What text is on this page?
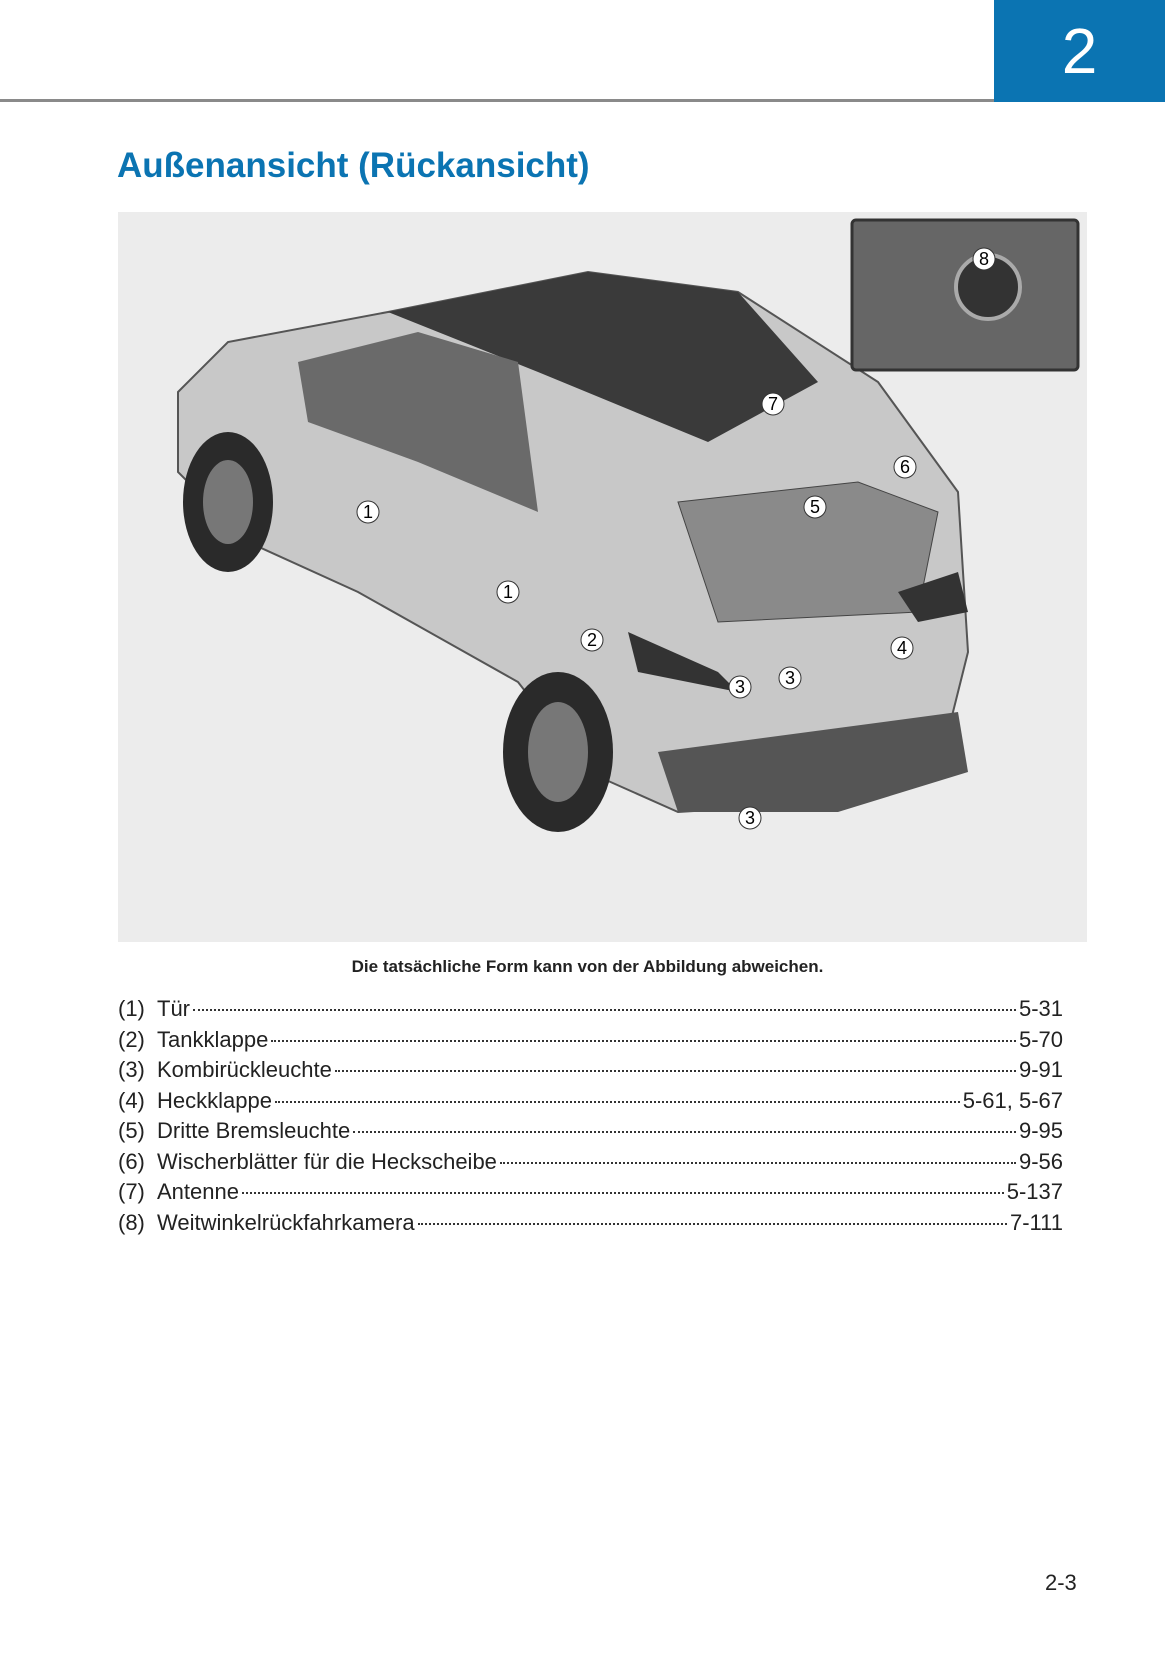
2
Außenansicht (Rückansicht)
8
7
6
5
1
1
2	4
3 3
3
Die tatsächliche Form kann von der Abbildung abweichen.
(1) Tür	5-31
(2) Tankklappe	5-70
(3) Kombirückleuchte	9-91
(4) Heckklappe	5-61, 5-67
(5) Dritte Bremsleuchte	9-95
(6) Wischerblätter für die Heckscheibe	9-56
(7) Antenne	5-137
(8) Weitwinkelrückfahrkamera	7-111
2-3
